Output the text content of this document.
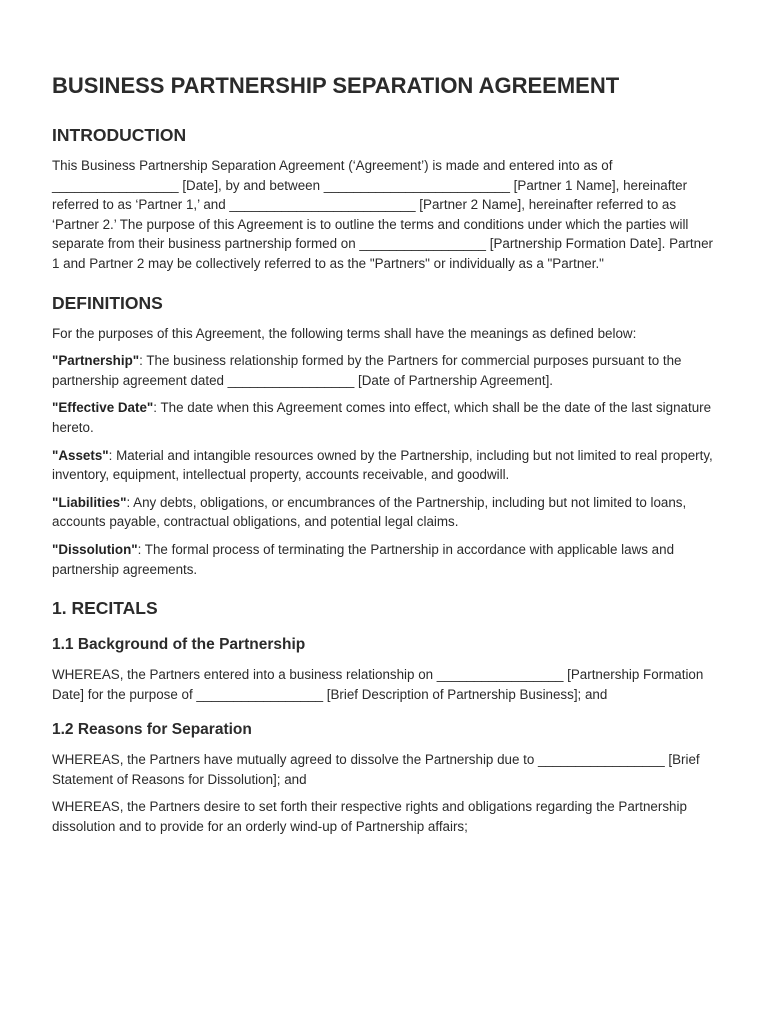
BUSINESS PARTNERSHIP SEPARATION AGREEMENT
INTRODUCTION

This Business Partnership Separation Agreement (‘Agreement’) is made and entered into as of _________________ [Date], by and between _________________________ [Partner 1 Name], hereinafter referred to as ‘Partner 1,’ and _________________________ [Partner 2 Name], hereinafter referred to as ‘Partner 2.’ The purpose of this Agreement is to outline the terms and conditions under which the parties will separate from their business partnership formed on _________________ [Partnership Formation Date]. Partner 1 and Partner 2 may be collectively referred to as the "Partners" or individually as a "Partner."

DEFINITIONS

For the purposes of this Agreement, the following terms shall have the meanings as defined below:

"Partnership": The business relationship formed by the Partners for commercial purposes pursuant to the partnership agreement dated _________________ [Date of Partnership Agreement].

"Effective Date": The date when this Agreement comes into effect, which shall be the date of the last signature hereto.

"Assets": Material and intangible resources owned by the Partnership, including but not limited to real property, inventory, equipment, intellectual property, accounts receivable, and goodwill.

"Liabilities": Any debts, obligations, or encumbrances of the Partnership, including but not limited to loans, accounts payable, contractual obligations, and potential legal claims.

"Dissolution": The formal process of terminating the Partnership in accordance with applicable laws and partnership agreements.

1. RECITALS
1.1 Background of the Partnership

WHEREAS, the Partners entered into a business relationship on _________________ [Partnership Formation Date] for the purpose of _________________ [Brief Description of Partnership Business]; and

1.2 Reasons for Separation

WHEREAS, the Partners have mutually agreed to dissolve the Partnership due to _________________ [Brief Statement of Reasons for Dissolution]; and

WHEREAS, the Partners desire to set forth their respective rights and obligations regarding the Partnership dissolution and to provide for an orderly wind-up of Partnership affairs;
